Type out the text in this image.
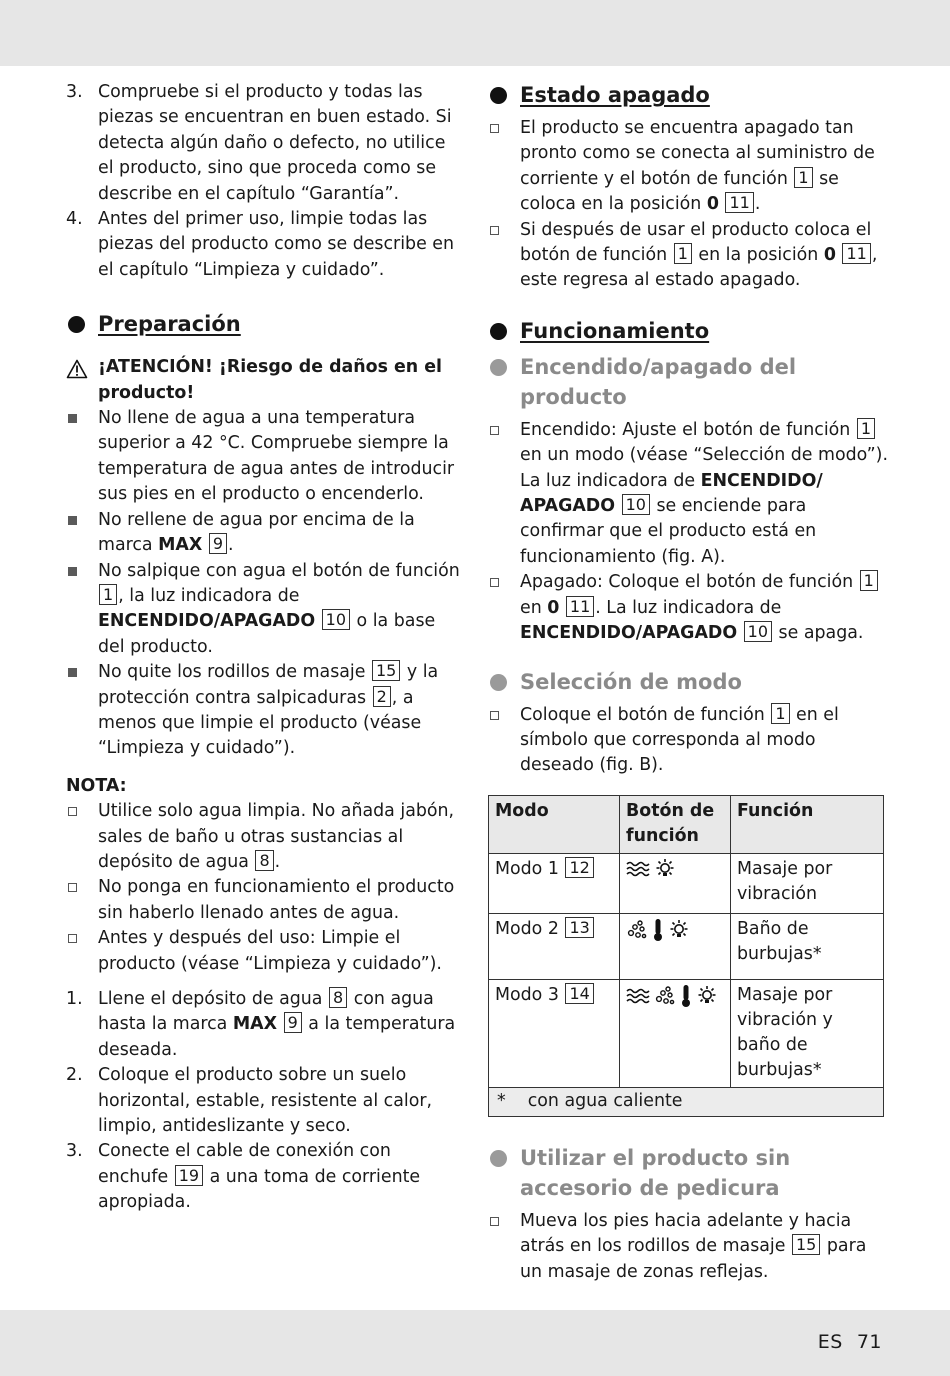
3. Compruebe si el producto y todas las piezas se encuentran en buen estado. Si detecta algún daño o defecto, no utilice el producto, sino que proceda como se describe en el capítulo “Garantía”.
4. Antes del primer uso, limpie todas las piezas del producto como se describe en el capítulo “Limpieza y cuidado”.
Preparación
¡ATENCIÓN! ¡Riesgo de daños en el producto!
No llene de agua a una temperatura superior a 42 °C. Compruebe siempre la temperatura de agua antes de introducir sus pies en el producto o encenderlo.
No rellene de agua por encima de la marca MAX 9 .
No salpique con agua el botón de función 1 , la luz indicadora de ENCENDIDO/APAGADO 10 o la base del producto.
No quite los rodillos de masaje 15 y la protección contra salpicaduras 2 , a menos que limpie el producto (véase “Limpieza y cuidado”).
NOTA:
Utilice solo agua limpia. No añada jabón, sales de baño u otras sustancias al depósito de agua 8 .
No ponga en funcionamiento el producto sin haberlo llenado antes de agua.
Antes y después del uso: Limpie el producto (véase “Limpieza y cuidado”).
1. Llene el depósito de agua 8 con agua hasta la marca MAX 9 a la temperatura deseada.
2. Coloque el producto sobre un suelo horizontal, estable, resistente al calor, limpio, antideslizante y seco.
3. Conecte el cable de conexión con enchufe 19 a una toma de corriente apropiada.
Estado apagado
El producto se encuentra apagado tan pronto como se conecta al suministro de corriente y el botón de función 1 se coloca en la posición 0 11 .
Si después de usar el producto coloca el botón de función 1 en la posición 0 11 , este regresa al estado apagado.
Funcionamiento
Encendido/apagado del producto
Encendido: Ajuste el botón de función 1 en un modo (véase “Selección de modo”). La luz indicadora de ENCENDIDO/ APAGADO 10 se enciende para confirmar que el producto está en funcionamiento (fig. A).
Apagado: Coloque el botón de función 1 en 0 11 . La luz indicadora de ENCENDIDO/APAGADO 10 se apaga.
Selección de modo
Coloque el botón de función 1 en el símbolo que corresponda al modo deseado (fig. B).
Modo	Botón de función	Función
Modo 1 12		Masaje por vibración
Modo 2 13		Baño de burbujas*
Modo 3 14		Masaje por vibración y baño de burbujas*
* con agua caliente		
Utilizar el producto sin accesorio de pedicura
Mueva los pies hacia adelante y hacia atrás en los rodillos de masaje 15 para un masaje de zonas reflejas.
ES 71
